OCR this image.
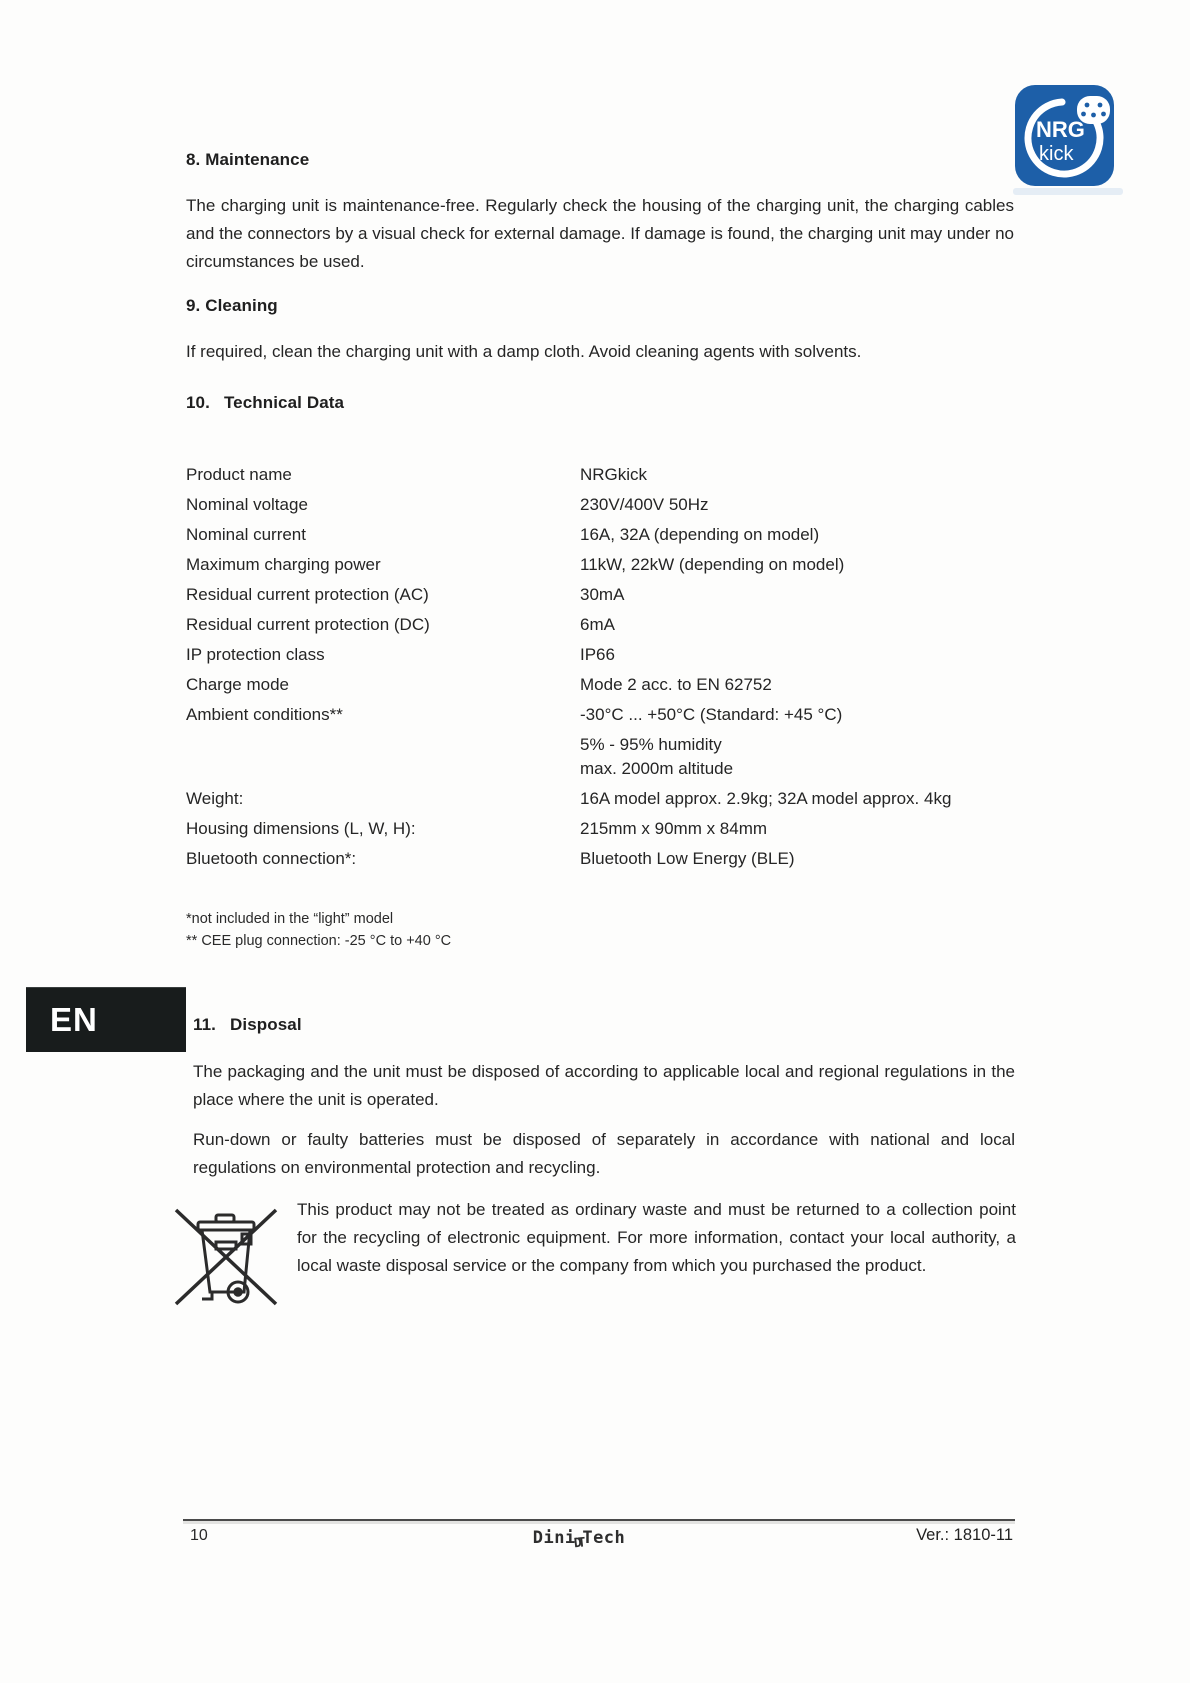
NRG
kick
8. Maintenance

The charging unit is maintenance-free. Regularly check the housing of the charging unit, the charging cables and the connectors by a visual check for external damage. If damage is found, the charging unit may under no circumstances be used.

9. Cleaning

If required, clean the charging unit with a damp cloth. Avoid cleaning agents with solvents.

10. Technical Data
Product name	NRGkick
Nominal voltage	230V/400V 50Hz
Nominal current	16A, 32A (depending on model)
Maximum charging power	11kW, 22kW (depending on model)
Residual current protection (AC)	30mA
Residual current protection (DC)	6mA
IP protection class	IP66
Charge mode	Mode 2 acc. to EN 62752
Ambient conditions**	-30°C ... +50°C (Standard: +45 °C)
5% - 95% humidity
max. 2000m altitude
Weight:	16A model approx. 2.9kg; 32A model approx. 4kg
Housing dimensions (L, W, H):	215mm x 90mm x 84mm
Bluetooth connection*:	Bluetooth Low Energy (BLE)
*not included in the “light” model
** CEE plug connection: -25 °C to +40 °C
EN	11. Disposal

The packaging and the unit must be disposed of according to applicable local and regional regulations in the place where the unit is operated.

Run-down or faulty batteries must be disposed of separately in accordance with national and local regulations on environmental protection and recycling.

This product may not be treated as ordinary waste and must be returned to a collection point for the recycling of electronic equipment. For more information, contact your local authority, a local waste disposal service or the company from which you purchased the product.

10	DiniDTTech	Ver.: 1810-11
